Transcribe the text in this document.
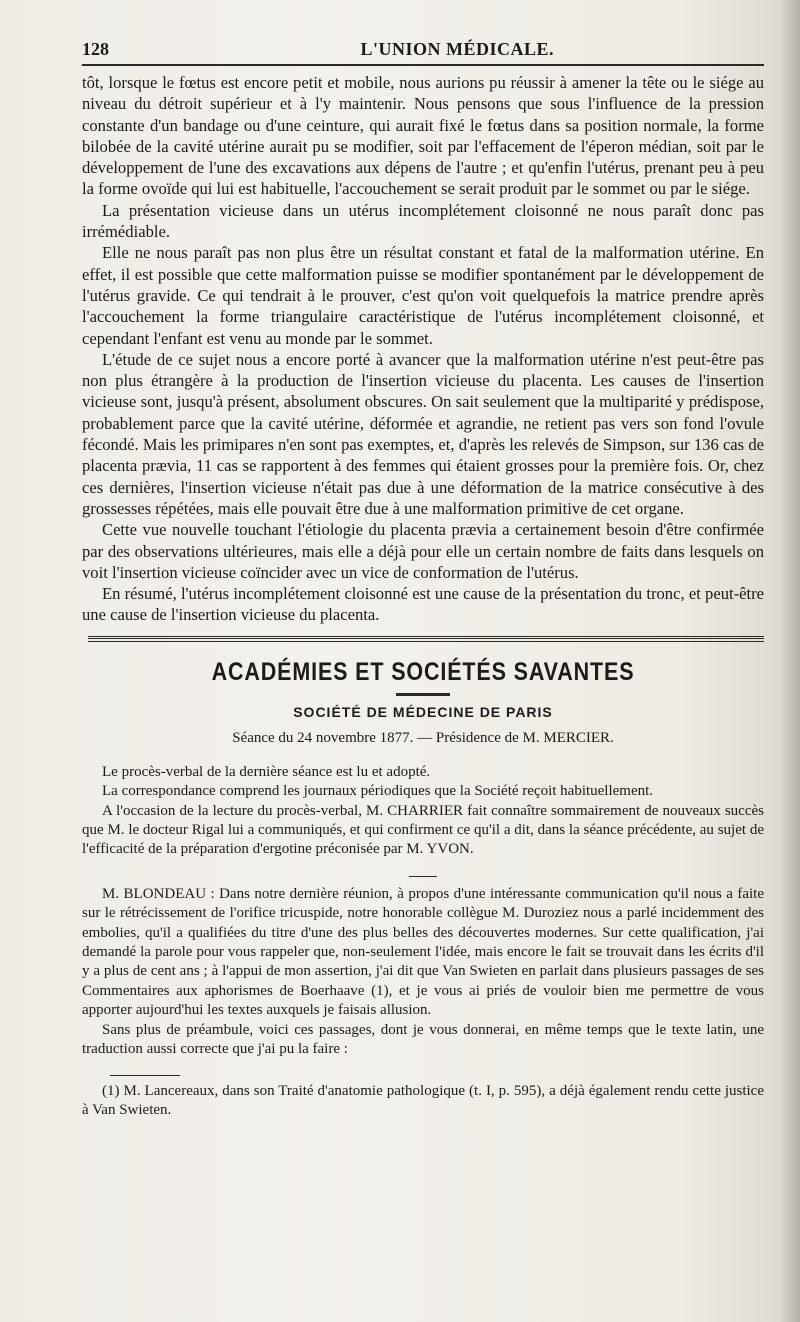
128	L'UNION MÉDICALE.

tôt, lorsque le fœtus est encore petit et mobile, nous aurions pu réussir à amener la tête ou le siége au niveau du détroit supérieur et à l'y maintenir. Nous pensons que sous l'influence de la pression constante d'un bandage ou d'une ceinture, qui aurait fixé le fœtus dans sa position normale, la forme bilobée de la cavité utérine aurait pu se modifier, soit par l'effacement de l'éperon médian, soit par le développement de l'une des excavations aux dépens de l'autre ; et qu'enfin l'utérus, prenant peu à peu la forme ovoïde qui lui est habituelle, l'accouchement se serait produit par le sommet ou par le siége.

La présentation vicieuse dans un utérus incomplétement cloisonné ne nous paraît donc pas irrémédiable.

Elle ne nous paraît pas non plus être un résultat constant et fatal de la malformation utérine. En effet, il est possible que cette malformation puisse se modifier spontanément par le développement de l'utérus gravide. Ce qui tendrait à le prouver, c'est qu'on voit quelquefois la matrice prendre après l'accouchement la forme triangulaire caractéristique de l'utérus incomplétement cloisonné, et cependant l'enfant est venu au monde par le sommet.

L'étude de ce sujet nous a encore porté à avancer que la malformation utérine n'est peut-être pas non plus étrangère à la production de l'insertion vicieuse du placenta. Les causes de l'insertion vicieuse sont, jusqu'à présent, absolument obscures. On sait seulement que la multiparité y prédispose, probablement parce que la cavité utérine, déformée et agrandie, ne retient pas vers son fond l'ovule fécondé. Mais les primipares n'en sont pas exemptes, et, d'après les relevés de Simpson, sur 136 cas de placenta prævia, 11 cas se rapportent à des femmes qui étaient grosses pour la première fois. Or, chez ces dernières, l'insertion vicieuse n'était pas due à une déformation de la matrice consécutive à des grossesses répétées, mais elle pouvait être due à une malformation primitive de cet organe.

Cette vue nouvelle touchant l'étiologie du placenta prævia a certainement besoin d'être confirmée par des observations ultérieures, mais elle a déjà pour elle un certain nombre de faits dans lesquels on voit l'insertion vicieuse coïncider avec un vice de conformation de l'utérus.

En résumé, l'utérus incomplétement cloisonné est une cause de la présentation du tronc, et peut-être une cause de l'insertion vicieuse du placenta.

ACADÉMIES ET SOCIÉTÉS SAVANTES
SOCIÉTÉ DE MÉDECINE DE PARIS
Séance du 24 novembre 1877. — Présidence de M. MERCIER.

Le procès-verbal de la dernière séance est lu et adopté.

La correspondance comprend les journaux périodiques que la Société reçoit habituellement.

A l'occasion de la lecture du procès-verbal, M. CHARRIER fait connaître sommairement de nouveaux succès que M. le docteur Rigal lui a communiqués, et qui confirment ce qu'il a dit, dans la séance précédente, au sujet de l'efficacité de la préparation d'ergotine préconisée par M. YVON.

M. BLONDEAU : Dans notre dernière réunion, à propos d'une intéressante communication qu'il nous a faite sur le rétrécissement de l'orifice tricuspide, notre honorable collègue M. Duroziez nous a parlé incidemment des embolies, qu'il a qualifiées du titre d'une des plus belles des découvertes modernes. Sur cette qualification, j'ai demandé la parole pour vous rappeler que, non-seulement l'idée, mais encore le fait se trouvait dans les écrits d'il y a plus de cent ans ; à l'appui de mon assertion, j'ai dit que Van Swieten en parlait dans plusieurs passages de ses Commentaires aux aphorismes de Boerhaave (1), et je vous ai priés de vouloir bien me permettre de vous apporter aujourd'hui les textes auxquels je faisais allusion.

Sans plus de préambule, voici ces passages, dont je vous donnerai, en même temps que le texte latin, une traduction aussi correcte que j'ai pu la faire :

(1) M. Lancereaux, dans son Traité d'anatomie pathologique (t. I, p. 595), a déjà également rendu cette justice à Van Swieten.
